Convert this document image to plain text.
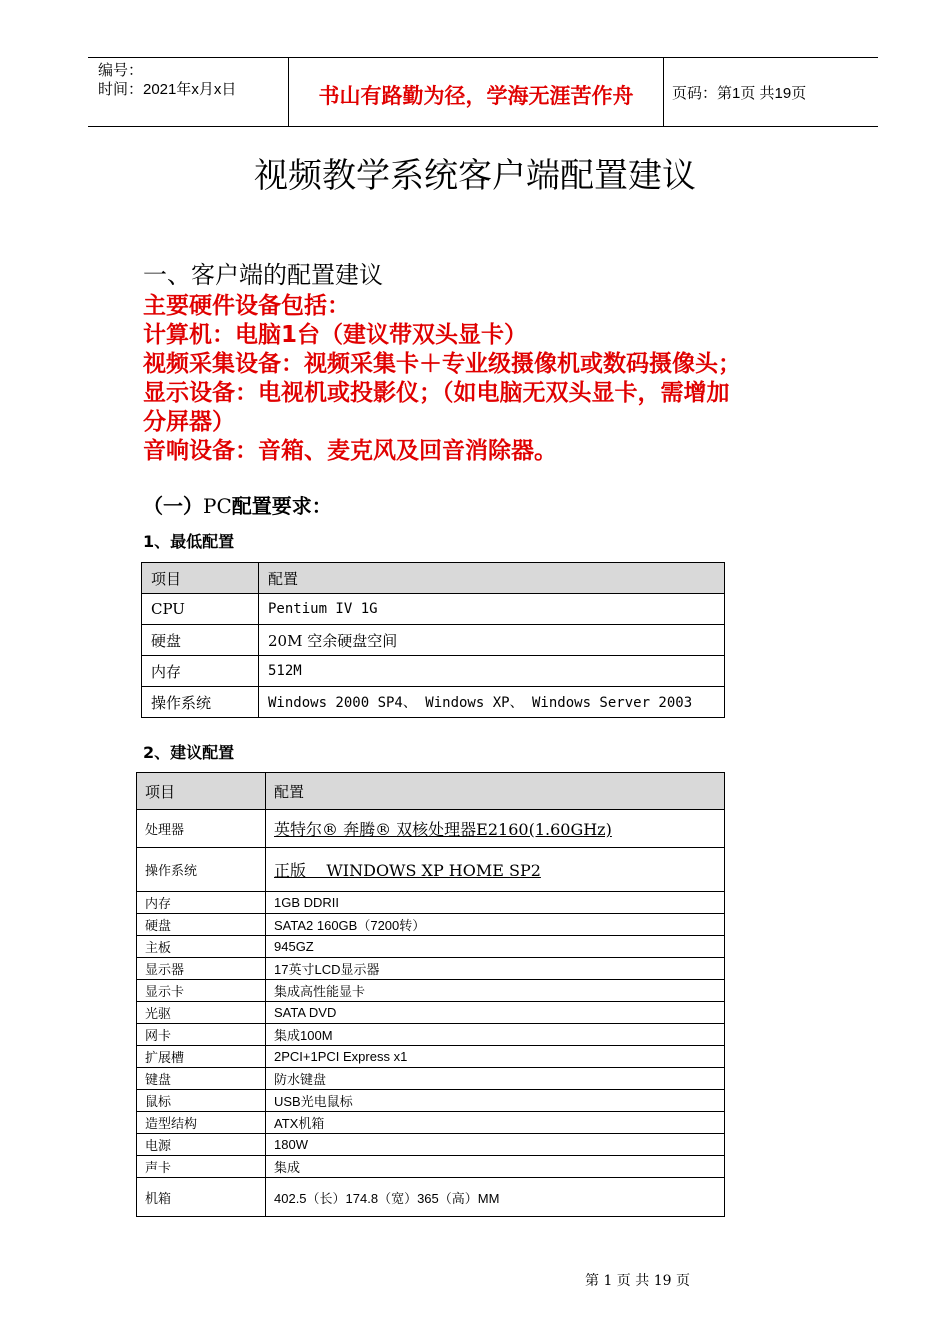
编号：
时间：2021年x月x日	书山有路勤为径，学海无涯苦作舟	页码：第1页 共19页
视频教学系统客户端配置建议
一、客户端的配置建议
主要硬件设备包括：
计算机：电脑1台（建议带双头显卡）
视频采集设备：视频采集卡＋专业级摄像机或数码摄像头；
显示设备：电视机或投影仪；（如电脑无双头显卡，需增加
分屏器）
音响设备：音箱、麦克风及回音消除器。
（一）PC配置要求：
1、最低配置
项目	配置
CPU	Pentium IV 1G
硬盘	20M 空余硬盘空间
内存	512M
操作系统	Windows 2000 SP4、 Windows XP、 Windows Server 2003
2、建议配置
项目	配置
处理器	英特尔® 奔腾® 双核处理器E2160(1.60GHz)
操作系统	正版    WINDOWS XP HOME SP2
内存	1GB DDRII
硬盘	SATA2 160GB（7200转）
主板	945GZ
显示器	17英寸LCD显示器
显示卡	集成高性能显卡
光驱	SATA DVD
网卡	集成100M
扩展槽	2PCI+1PCI Express x1
键盘	防水键盘
鼠标	USB光电鼠标
造型结构	ATX机箱
电源	180W
声卡	集成
机箱	402.5（长）174.8（宽）365（高）MM
第 1 页 共 19 页
